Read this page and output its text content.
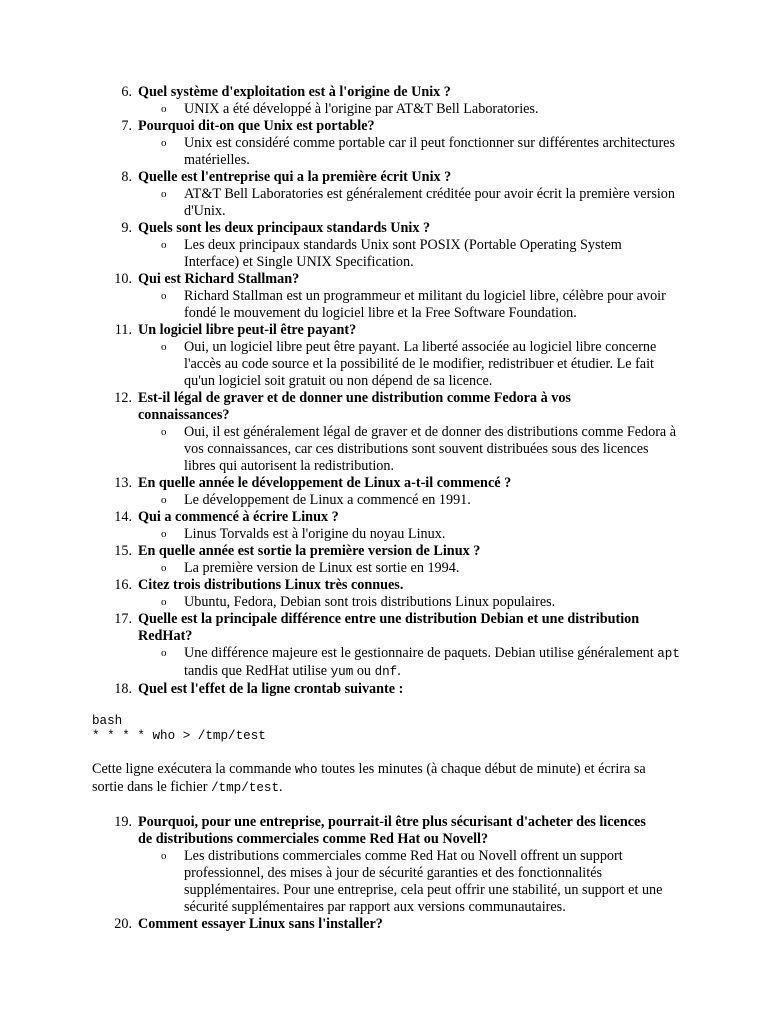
6. Quel système d'exploitation est à l'origine de Unix ?
o UNIX a été développé à l'origine par AT&T Bell Laboratories.
7. Pourquoi dit-on que Unix est portable?
o Unix est considéré comme portable car il peut fonctionner sur différentes architectures matérielles.
8. Quelle est l'entreprise qui a la première écrit Unix ?
o AT&T Bell Laboratories est généralement créditée pour avoir écrit la première version d'Unix.
9. Quels sont les deux principaux standards Unix ?
o Les deux principaux standards Unix sont POSIX (Portable Operating System Interface) et Single UNIX Specification.
10. Qui est Richard Stallman?
o Richard Stallman est un programmeur et militant du logiciel libre, célèbre pour avoir fondé le mouvement du logiciel libre et la Free Software Foundation.
11. Un logiciel libre peut-il être payant?
o Oui, un logiciel libre peut être payant. La liberté associée au logiciel libre concerne l'accès au code source et la possibilité de le modifier, redistribuer et étudier. Le fait qu'un logiciel soit gratuit ou non dépend de sa licence.
12. Est-il légal de graver et de donner une distribution comme Fedora à vos connaissances?
o Oui, il est généralement légal de graver et de donner des distributions comme Fedora à vos connaissances, car ces distributions sont souvent distribuées sous des licences libres qui autorisent la redistribution.
13. En quelle année le développement de Linux a-t-il commencé ?
o Le développement de Linux a commencé en 1991.
14. Qui a commencé à écrire Linux ?
o Linus Torvalds est à l'origine du noyau Linux.
15. En quelle année est sortie la première version de Linux ?
o La première version de Linux est sortie en 1994.
16. Citez trois distributions Linux très connues.
o Ubuntu, Fedora, Debian sont trois distributions Linux populaires.
17. Quelle est la principale différence entre une distribution Debian et une distribution RedHat?
o Une différence majeure est le gestionnaire de paquets. Debian utilise généralement apt tandis que RedHat utilise yum ou dnf.
18. Quel est l'effet de la ligne crontab suivante :
bash
* * * * who > /tmp/test
Cette ligne exécutera la commande who toutes les minutes (à chaque début de minute) et écrira sa sortie dans le fichier /tmp/test.
19. Pourquoi, pour une entreprise, pourrait-il être plus sécurisant d'acheter des licences de distributions commerciales comme Red Hat ou Novell?
o Les distributions commerciales comme Red Hat ou Novell offrent un support professionnel, des mises à jour de sécurité garanties et des fonctionnalités supplémentaires. Pour une entreprise, cela peut offrir une stabilité, un support et une sécurité supplémentaires par rapport aux versions communautaires.
20. Comment essayer Linux sans l'installer?
